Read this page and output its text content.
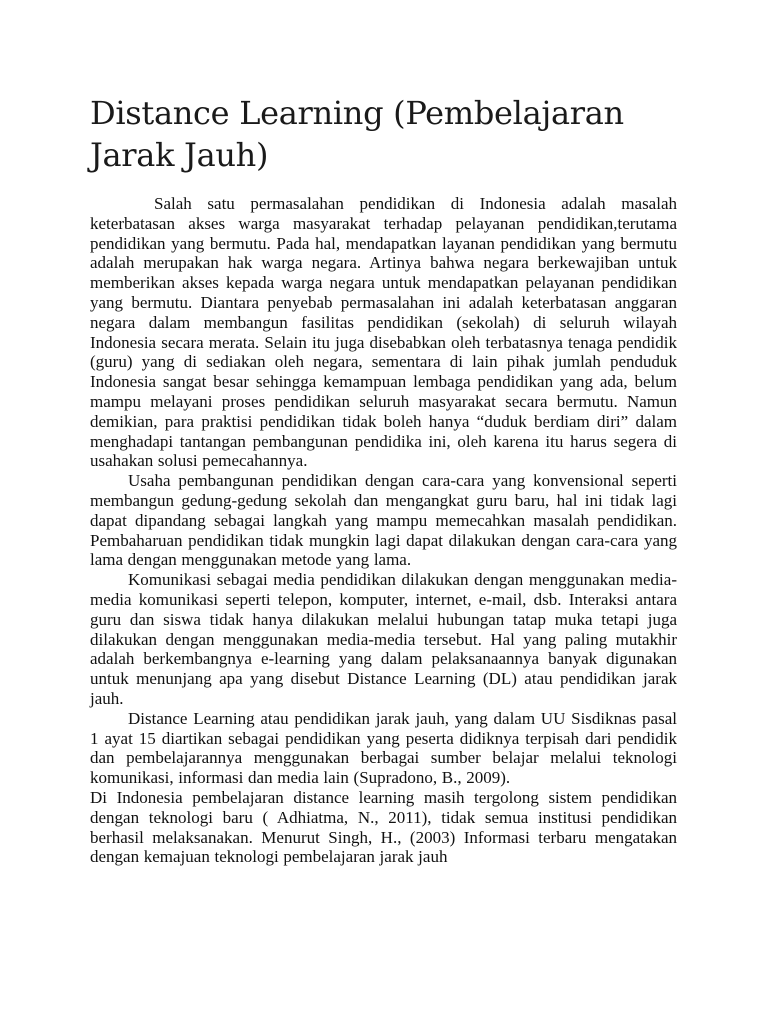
Distance Learning (Pembelajaran Jarak Jauh)

Salah satu permasalahan pendidikan di Indonesia adalah masalah keterbatasan akses warga masyarakat terhadap pelayanan pendidikan,terutama pendidikan yang bermutu. Pada hal, mendapatkan layanan pendidikan yang bermutu adalah merupakan hak warga negara. Artinya bahwa negara berkewajiban untuk memberikan akses kepada warga negara untuk mendapatkan pelayanan pendidikan yang bermutu. Diantara penyebab permasalahan ini adalah keterbatasan anggaran negara dalam membangun fasilitas pendidikan (sekolah) di seluruh wilayah Indonesia secara merata. Selain itu juga disebabkan oleh terbatasnya tenaga pendidik (guru) yang di sediakan oleh negara, sementara di lain pihak jumlah penduduk Indonesia sangat besar sehingga kemampuan lembaga pendidikan yang ada, belum mampu melayani proses pendidikan seluruh masyarakat secara bermutu. Namun demikian, para praktisi pendidikan tidak boleh hanya “duduk berdiam diri” dalam menghadapi tantangan pembangunan pendidika ini, oleh karena itu harus segera di usahakan solusi pemecahannya.

Usaha pembangunan pendidikan dengan cara-cara yang konvensional seperti membangun gedung-gedung sekolah dan mengangkat guru baru, hal ini tidak lagi dapat dipandang sebagai langkah yang mampu memecahkan masalah pendidikan. Pembaharuan pendidikan tidak mungkin lagi dapat dilakukan dengan cara-cara yang lama dengan menggunakan metode yang lama.

Komunikasi sebagai media pendidikan dilakukan dengan menggunakan media-media komunikasi seperti telepon, komputer, internet, e-mail, dsb. Interaksi antara guru dan siswa tidak hanya dilakukan melalui hubungan tatap muka tetapi juga dilakukan dengan menggunakan media-media tersebut. Hal yang paling mutakhir adalah berkembangnya e-learning yang dalam pelaksanaannya banyak digunakan untuk menunjang apa yang disebut Distance Learning (DL) atau pendidikan jarak jauh.

Distance Learning atau pendidikan jarak jauh, yang dalam UU Sisdiknas pasal 1 ayat 15 diartikan sebagai pendidikan yang peserta didiknya terpisah dari pendidik dan pembelajarannya menggunakan berbagai sumber belajar melalui teknologi komunikasi, informasi dan media lain (Supradono, B., 2009).

Di Indonesia pembelajaran distance learning masih tergolong sistem pendidikan dengan teknologi baru ( Adhiatma, N., 2011), tidak semua institusi pendidikan berhasil melaksanakan. Menurut Singh, H., (2003) Informasi terbaru mengatakan dengan kemajuan teknologi pembelajaran jarak jauh
